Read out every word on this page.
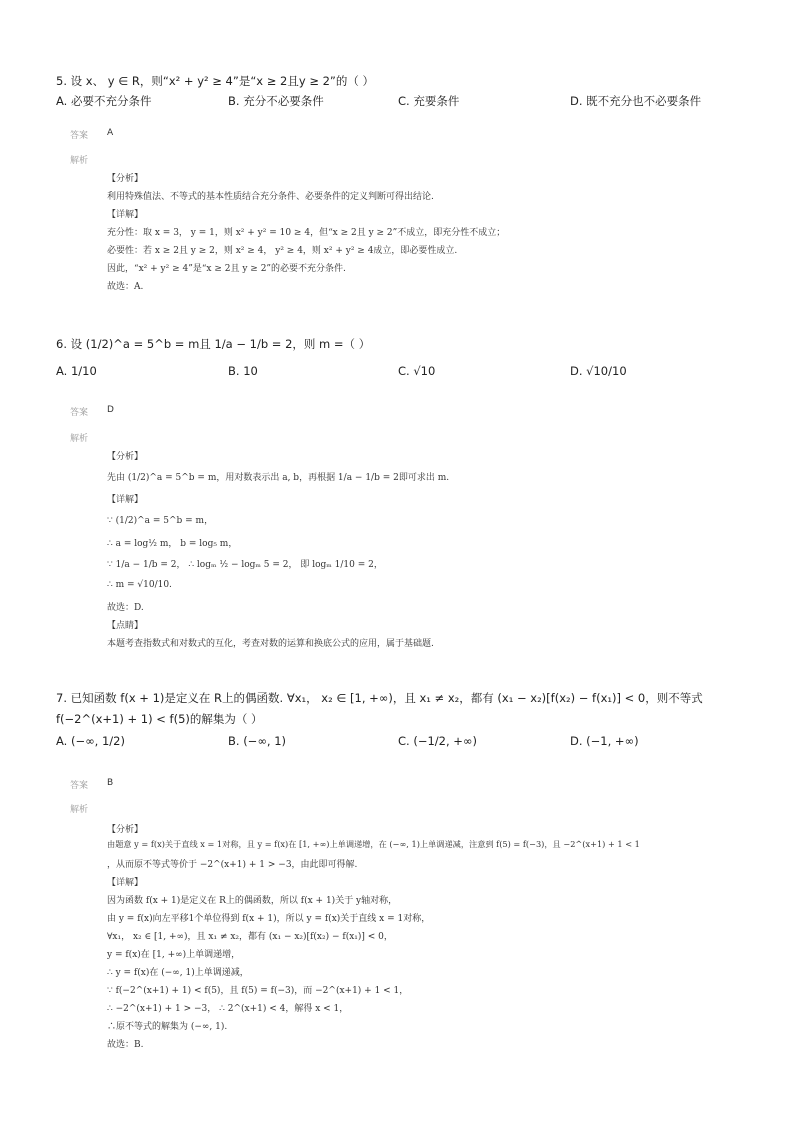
5. 设 x、 y ∈ R，则“x² + y² ≥ 4”是“x ≥ 2且y ≥ 2”的（ ）
A. 必要不充分条件	B. 充分不必要条件	C. 充要条件	D. 既不充分也不必要条件
答案 A
解析
【分析】
利用特殊值法、不等式的基本性质结合充分条件、必要条件的定义判断可得出结论.
【详解】
充分性：取 x = 3， y = 1，则 x² + y² = 10 ≥ 4，但“x ≥ 2且 y ≥ 2”不成立，即充分性不成立；
必要性：若 x ≥ 2且 y ≥ 2，则 x² ≥ 4， y² ≥ 4，则 x² + y² ≥ 4成立，即必要性成立.
因此，“x² + y² ≥ 4”是“x ≥ 2且 y ≥ 2”的必要不充分条件.
故选：A.
6. 设 (1/2)^a = 5^b = m且 1/a − 1/b = 2，则 m =（ ）
A. 1/10	B. 10	C. √10	D. √10/10
答案 D
解析
【分析】
先由 (1/2)^a = 5^b = m，用对数表示出 a, b，再根据 1/a − 1/b = 2即可求出 m.
【详解】
∵ (1/2)^a = 5^b = m，
∴ a = log½ m， b = log₅ m，
∵ 1/a − 1/b = 2， ∴ logₘ ½ − logₘ 5 = 2， 即 logₘ 1/10 = 2，
∴ m = √10/10.
故选：D.
【点睛】
本题考查指数式和对数式的互化，考查对数的运算和换底公式的应用，属于基础题.
7. 已知函数 f(x + 1)是定义在 R上的偶函数. ∀x₁， x₂ ∈ [1, +∞)，且 x₁ ≠ x₂，都有 (x₁ − x₂)[f(x₂) − f(x₁)] < 0，则不等式
f(−2^(x+1) + 1) < f(5)的解集为（ ）
A. (−∞, 1/2)	B. (−∞, 1)	C. (−1/2, +∞)	D. (−1, +∞)
答案 B
解析
【分析】
由题意 y = f(x)关于直线 x = 1对称，且 y = f(x)在 [1, +∞)上单调递增，在 (−∞, 1)上单调递减，注意到 f(5) = f(−3)，且 −2^(x+1) + 1 < 1
，从而原不等式等价于 −2^(x+1) + 1 > −3，由此即可得解.
【详解】
因为函数 f(x + 1)是定义在 R上的偶函数，所以 f(x + 1)关于 y轴对称，
由 y = f(x)向左平移1个单位得到 f(x + 1)，所以 y = f(x)关于直线 x = 1对称，
∀x₁， x₂ ∈ [1, +∞)，且 x₁ ≠ x₂，都有 (x₁ − x₂)[f(x₂) − f(x₁)] < 0，
y = f(x)在 [1, +∞)上单调递增，
∴ y = f(x)在 (−∞, 1)上单调递减，
∵ f(−2^(x+1) + 1) < f(5)，且 f(5) = f(−3)，而 −2^(x+1) + 1 < 1，
∴ −2^(x+1) + 1 > −3， ∴ 2^(x+1) < 4，解得 x < 1，
∴原不等式的解集为 (−∞, 1).
故选：B.
